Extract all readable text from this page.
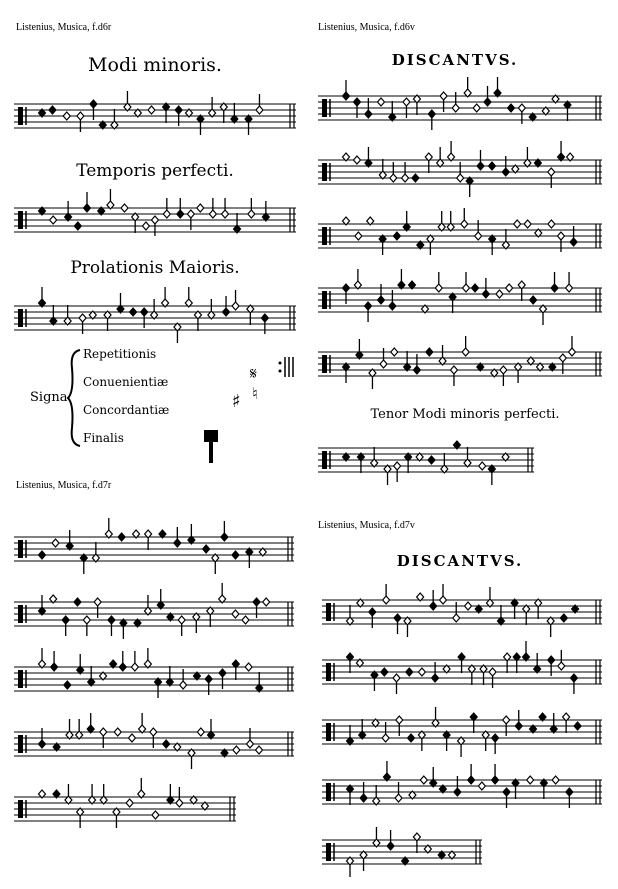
Listenius, Musica, f.d6r
Modi minoris.
Temporis perfecti.
Prolationis Maioris.
Signa
Repetitionis
Conuenientiæ
Concordantiæ
Finalis
𝄋
♯ ♮
Listenius, Musica, f.d6v
DISCANTVS.
Tenor Modi minoris perfecti.
Listenius, Musica, f.d7r
Listenius, Musica, f.d7v
DISCANTVS.
